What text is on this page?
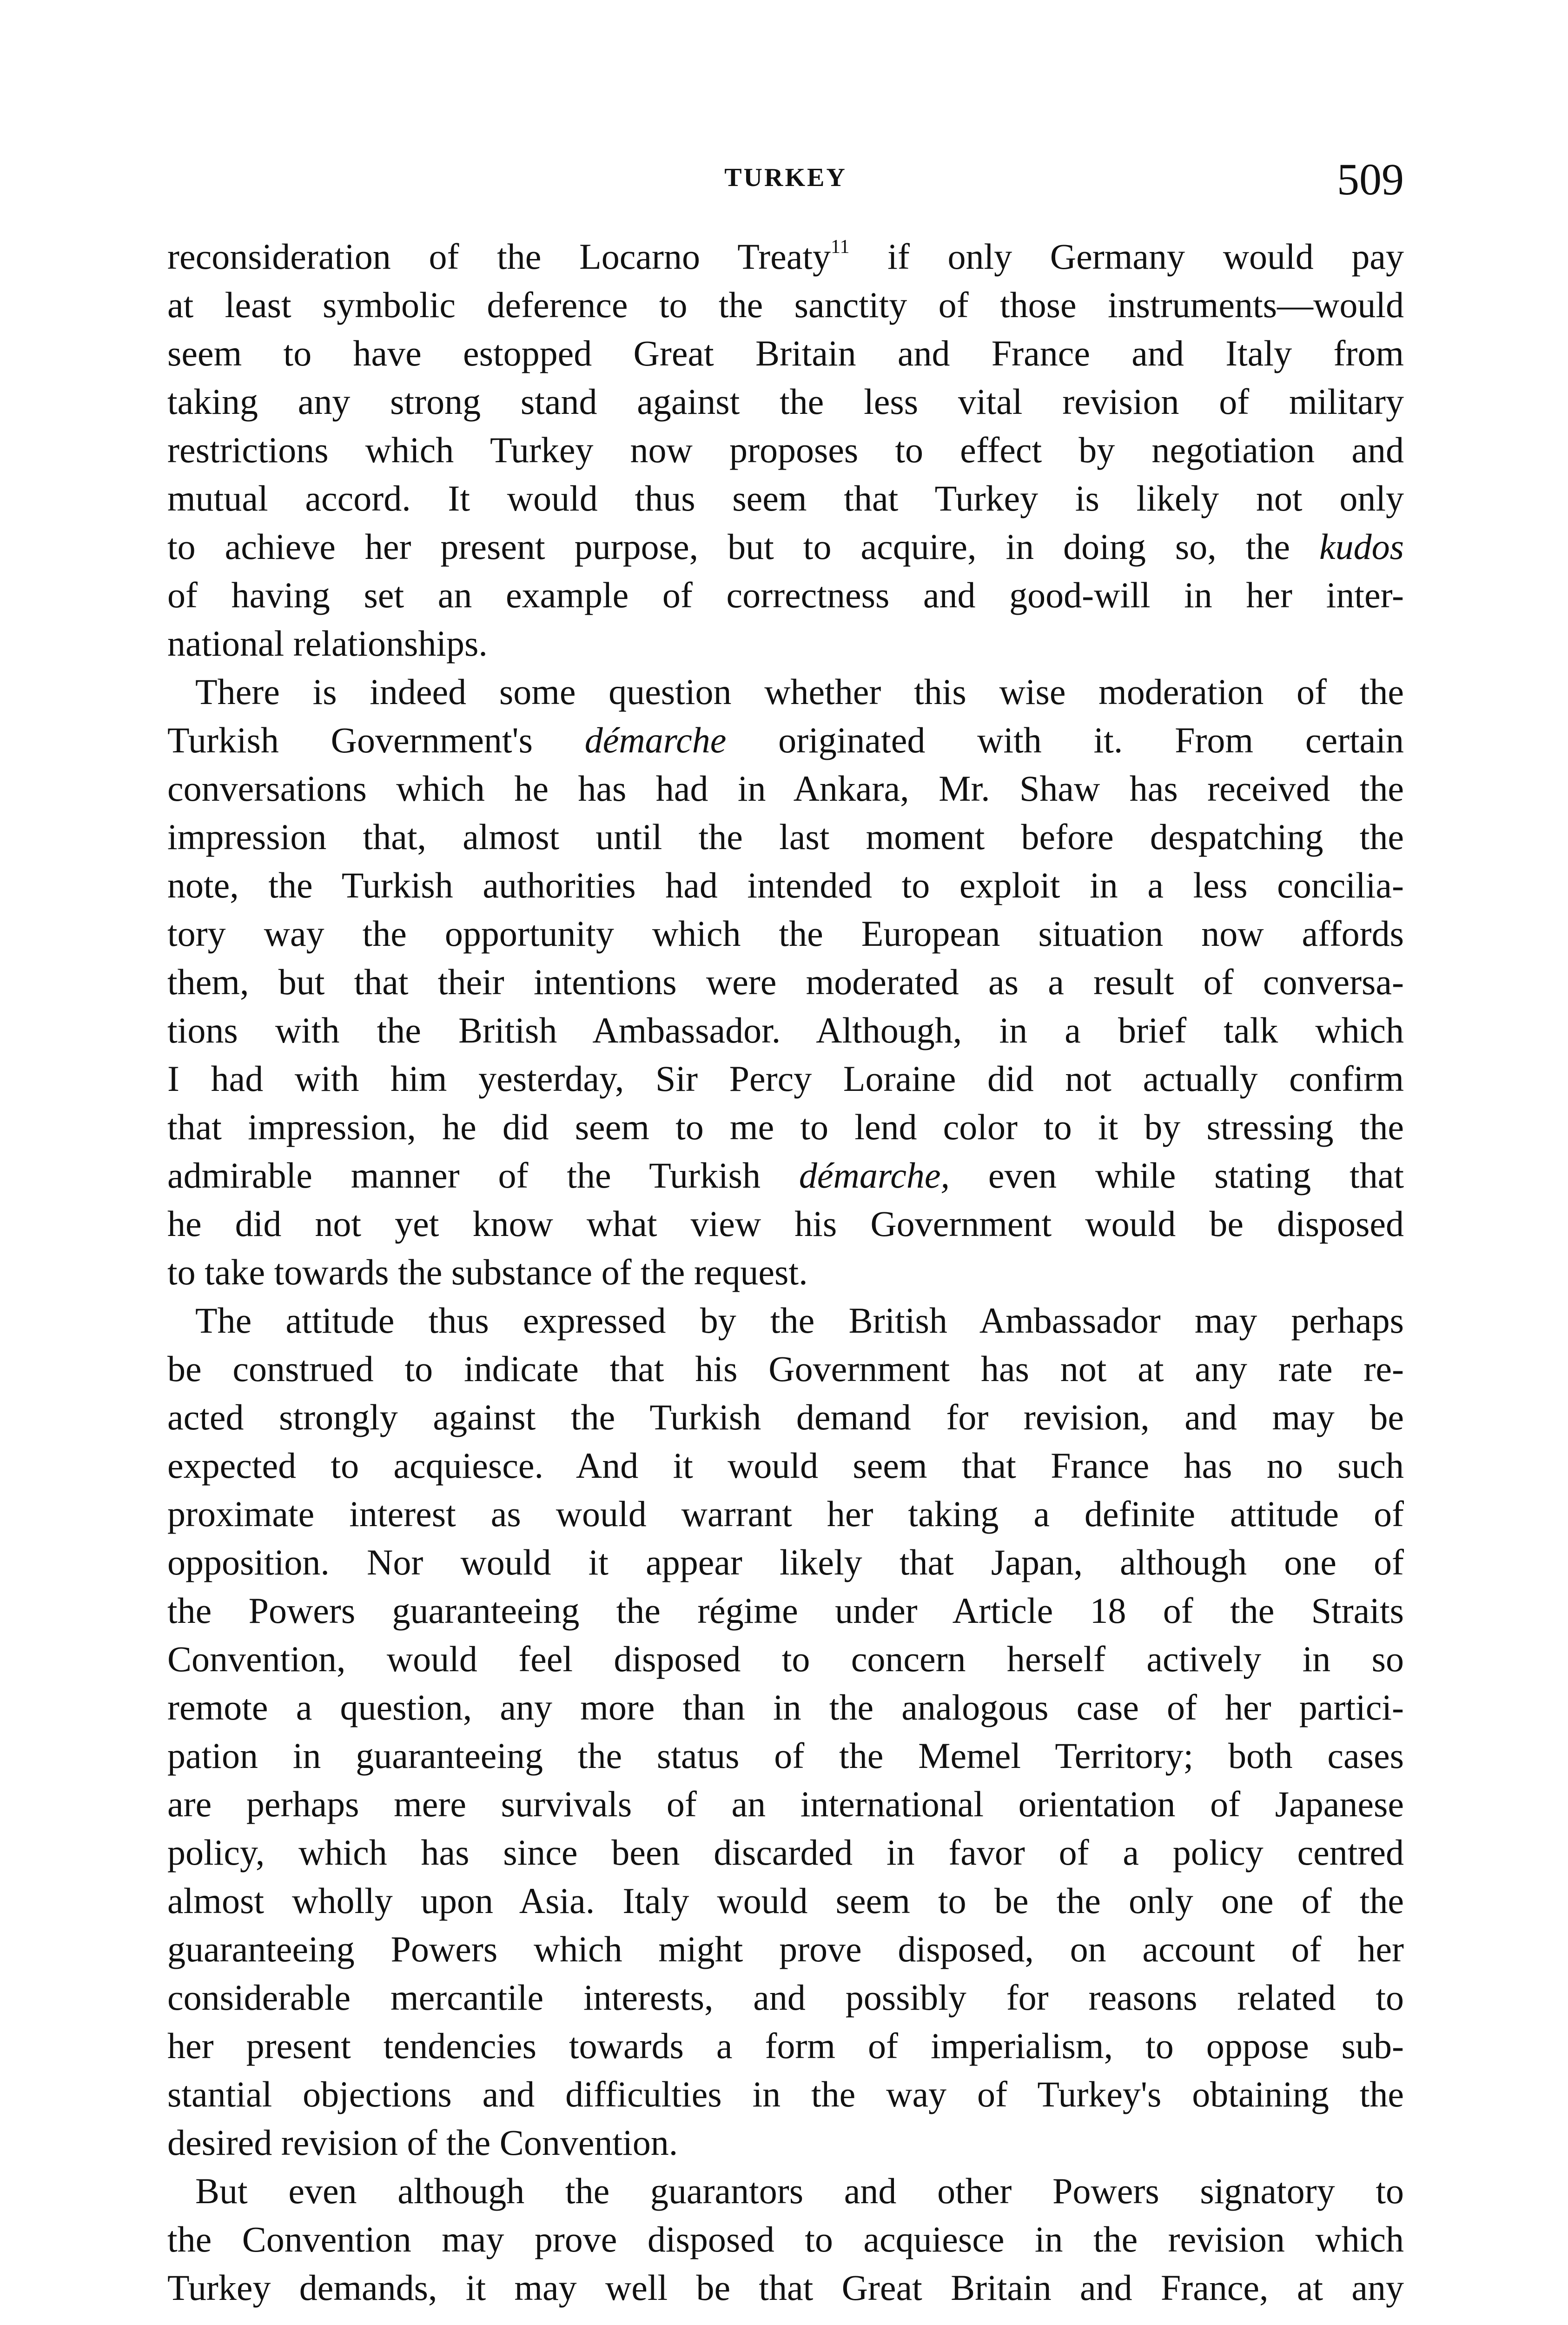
TURKEY	509

reconsideration of the Locarno Treaty$^{11}$ if only Germany would pay
at least symbolic deference to the sanctity of those instruments—would
seem to have estopped Great Britain and France and Italy from
taking any strong stand against the less vital revision of military
restrictions which Turkey now proposes to effect by negotiation and
mutual accord. It would thus seem that Turkey is likely not only
to achieve her present purpose, but to acquire, in doing so, the kudos
of having set an example of correctness and good-will in her inter-
national relationships.

There is indeed some question whether this wise moderation of the
Turkish Government's démarche originated with it. From certain
conversations which he has had in Ankara, Mr. Shaw has received the
impression that, almost until the last moment before despatching the
note, the Turkish authorities had intended to exploit in a less concilia-
tory way the opportunity which the European situation now affords
them, but that their intentions were moderated as a result of conversa-
tions with the British Ambassador. Although, in a brief talk which
I had with him yesterday, Sir Percy Loraine did not actually confirm
that impression, he did seem to me to lend color to it by stressing the
admirable manner of the Turkish démarche, even while stating that
he did not yet know what view his Government would be disposed
to take towards the substance of the request.

The attitude thus expressed by the British Ambassador may perhaps
be construed to indicate that his Government has not at any rate re-
acted strongly against the Turkish demand for revision, and may be
expected to acquiesce. And it would seem that France has no such
proximate interest as would warrant her taking a definite attitude of
opposition. Nor would it appear likely that Japan, although one of
the Powers guaranteeing the régime under Article 18 of the Straits
Convention, would feel disposed to concern herself actively in so
remote a question, any more than in the analogous case of her partici-
pation in guaranteeing the status of the Memel Territory; both cases
are perhaps mere survivals of an international orientation of Japanese
policy, which has since been discarded in favor of a policy centred
almost wholly upon Asia. Italy would seem to be the only one of the
guaranteeing Powers which might prove disposed, on account of her
considerable mercantile interests, and possibly for reasons related to
her present tendencies towards a form of imperialism, to oppose sub-
stantial objections and difficulties in the way of Turkey's obtaining the
desired revision of the Convention.

But even although the guarantors and other Powers signatory to
the Convention may prove disposed to acquiesce in the revision which
Turkey demands, it may well be that Great Britain and France, at any
